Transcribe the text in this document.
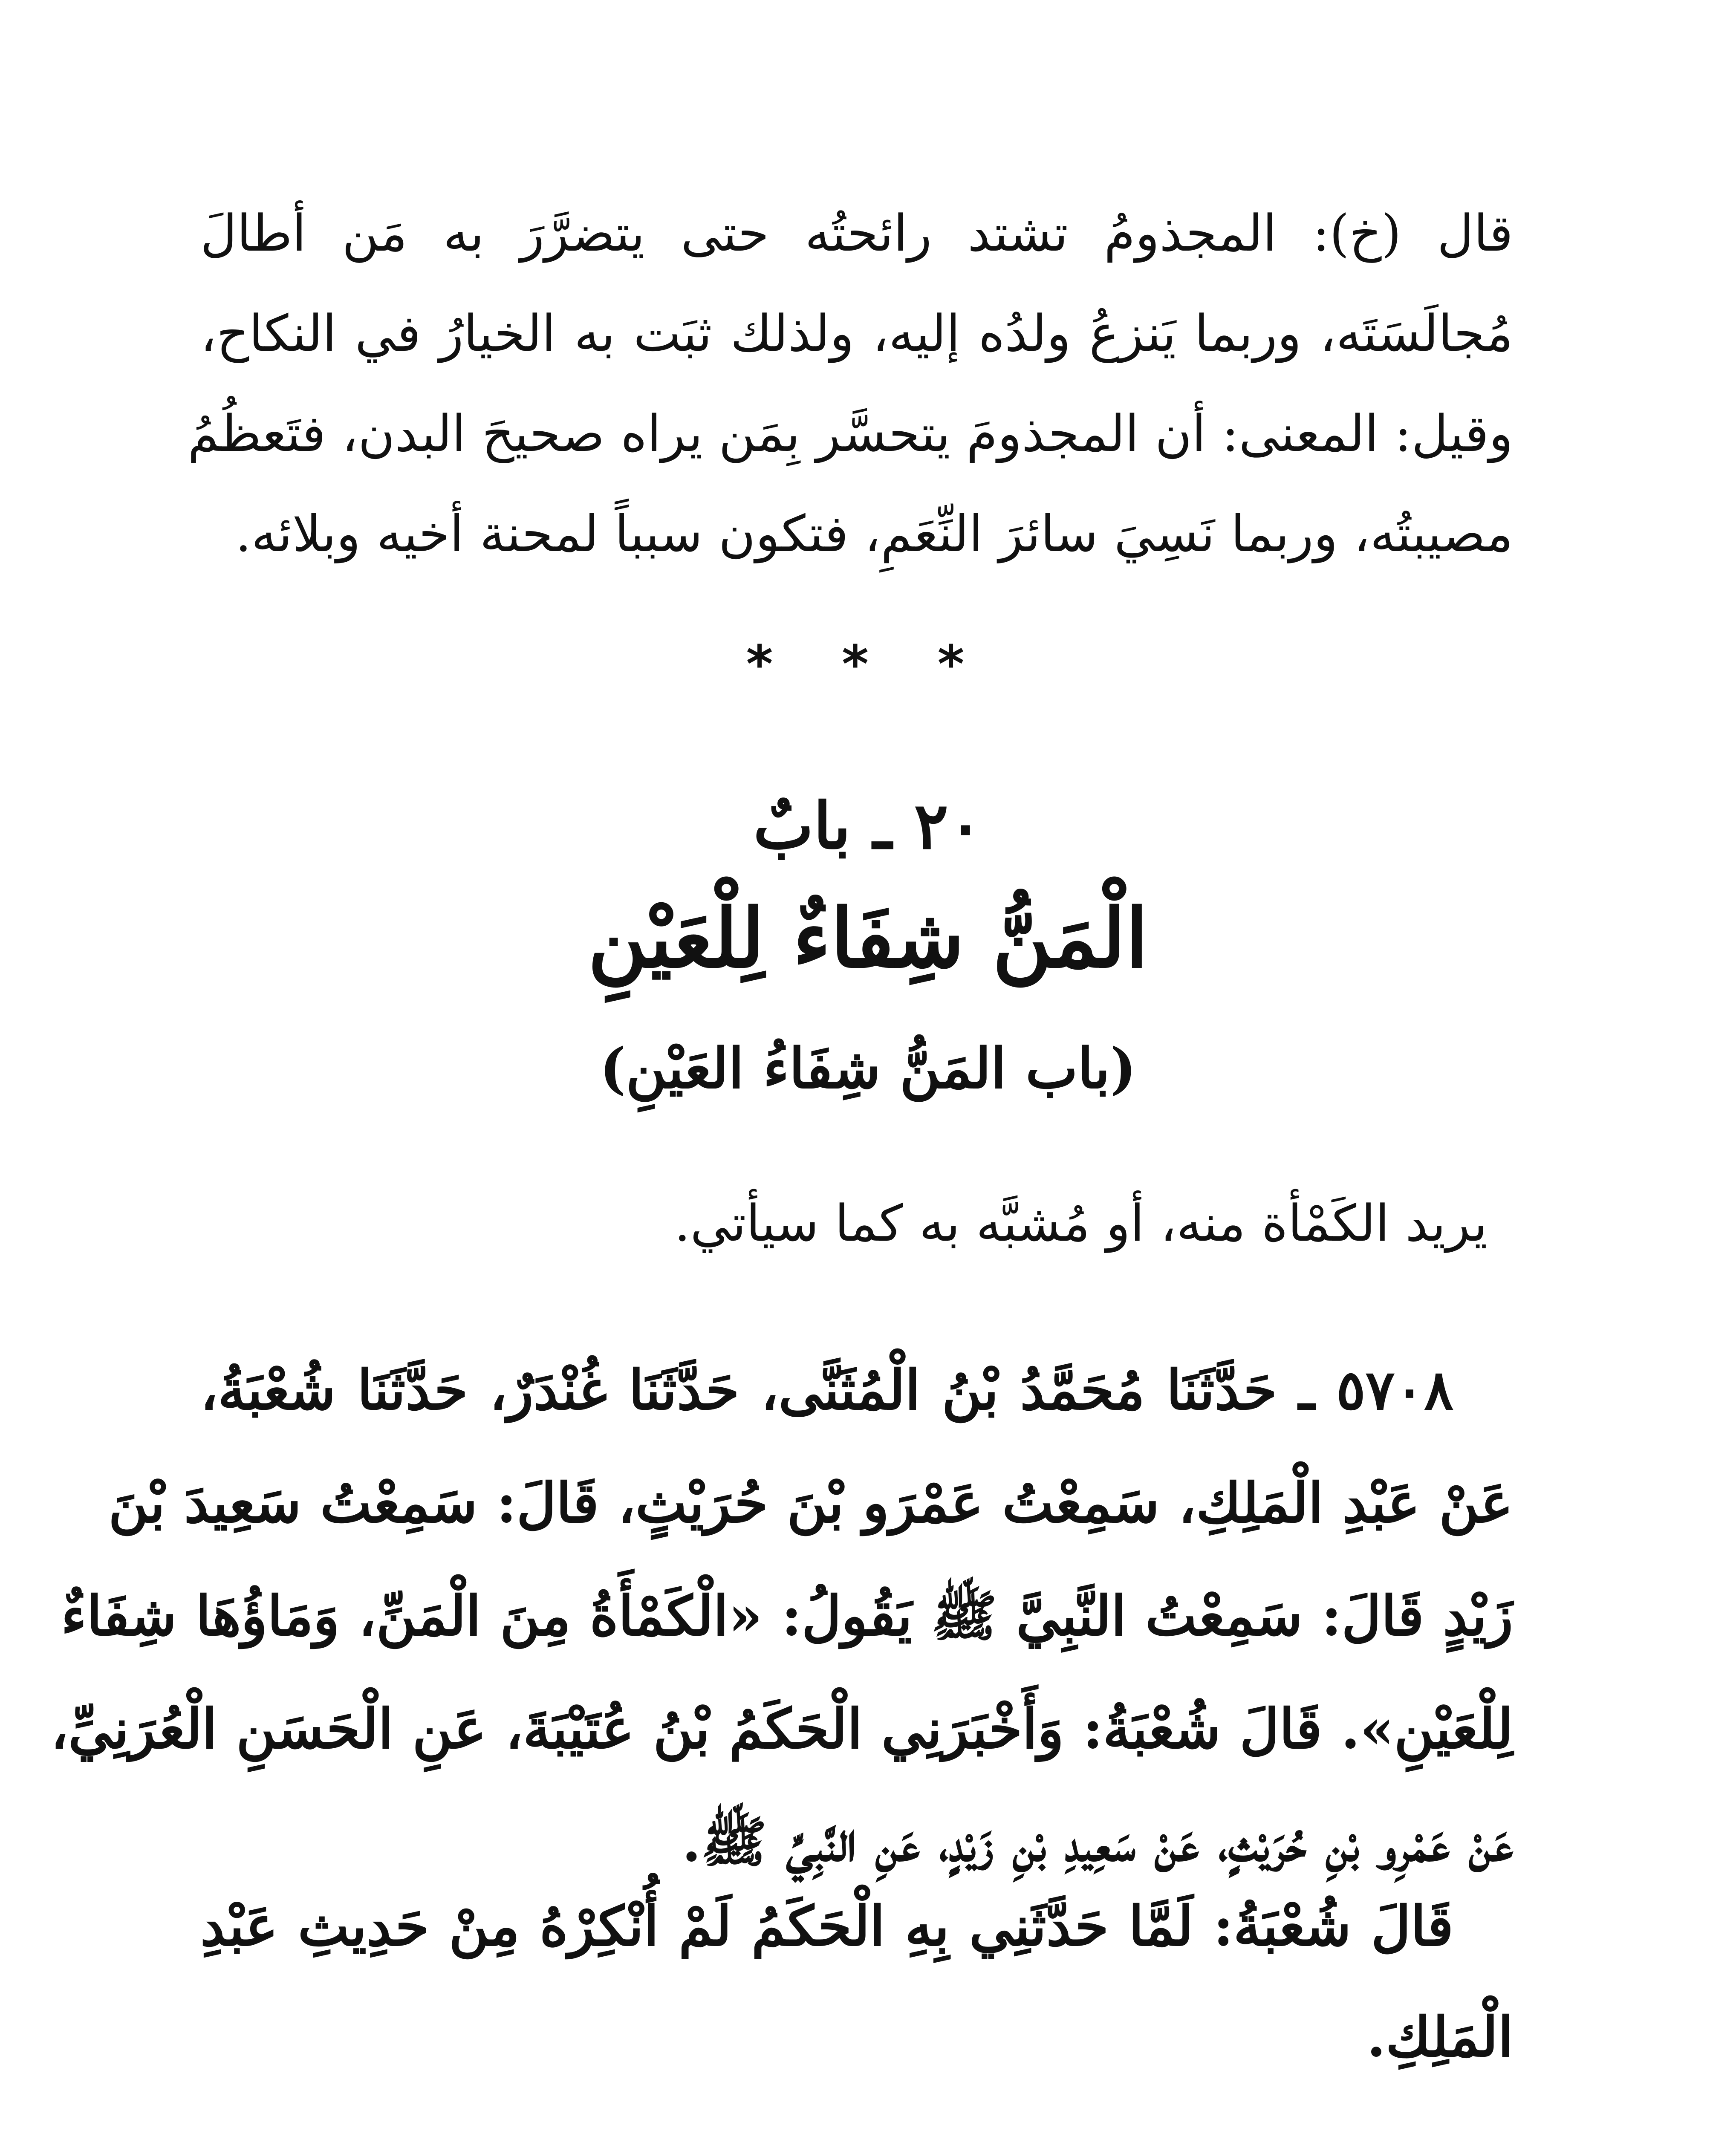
قال (خ): المجذومُ تشتد رائحتُه حتى يتضرَّرَ به مَن أطالَ
مُجالَسَتَه، وربما يَنزعُ ولدُه إليه، ولذلك ثبَت به الخيارُ في النكاح،
وقيل: المعنى: أن المجذومَ يتحسَّر بِمَن يراه صحيحَ البدن، فتَعظُمُ
مصيبتُه، وربما نَسِيَ سائرَ النِّعَمِ، فتكون سبباً لمحنة أخيه وبلائه.
* * *
٢٠ ـ بابٌ
الْمَنُّ شِفَاءٌ لِلْعَيْنِ
(باب المَنُّ شِفَاءُ العَيْنِ)
يريد الكَمْأة منه، أو مُشبَّه به كما سيأتي.
٥٧٠٨ ـ حَدَّثَنَا مُحَمَّدُ بْنُ الْمُثَنَّى، حَدَّثَنَا غُنْدَرٌ، حَدَّثَنَا شُعْبَةُ،
عَنْ عَبْدِ الْمَلِكِ، سَمِعْتُ عَمْرَو بْنَ حُرَيْثٍ، قَالَ: سَمِعْتُ سَعِيدَ بْنَ
زَيْدٍ قَالَ: سَمِعْتُ النَّبِيَّ ﷺ يَقُولُ: «الْكَمْأَةُ مِنَ الْمَنِّ، وَمَاؤُهَا شِفَاءٌ
لِلْعَيْنِ». قَالَ شُعْبَةُ: وَأَخْبَرَنِي الْحَكَمُ بْنُ عُتَيْبَةَ، عَنِ الْحَسَنِ الْعُرَنِيِّ،
عَنْ عَمْرِو بْنِ حُرَيْثٍ، عَنْ سَعِيدِ بْنِ زَيْدٍ، عَنِ النَّبِيِّ ﷺ.
قَالَ شُعْبَةُ: لَمَّا حَدَّثَنِي بِهِ الْحَكَمُ لَمْ أُنْكِرْهُ مِنْ حَدِيثِ عَبْدِ
الْمَلِكِ.
